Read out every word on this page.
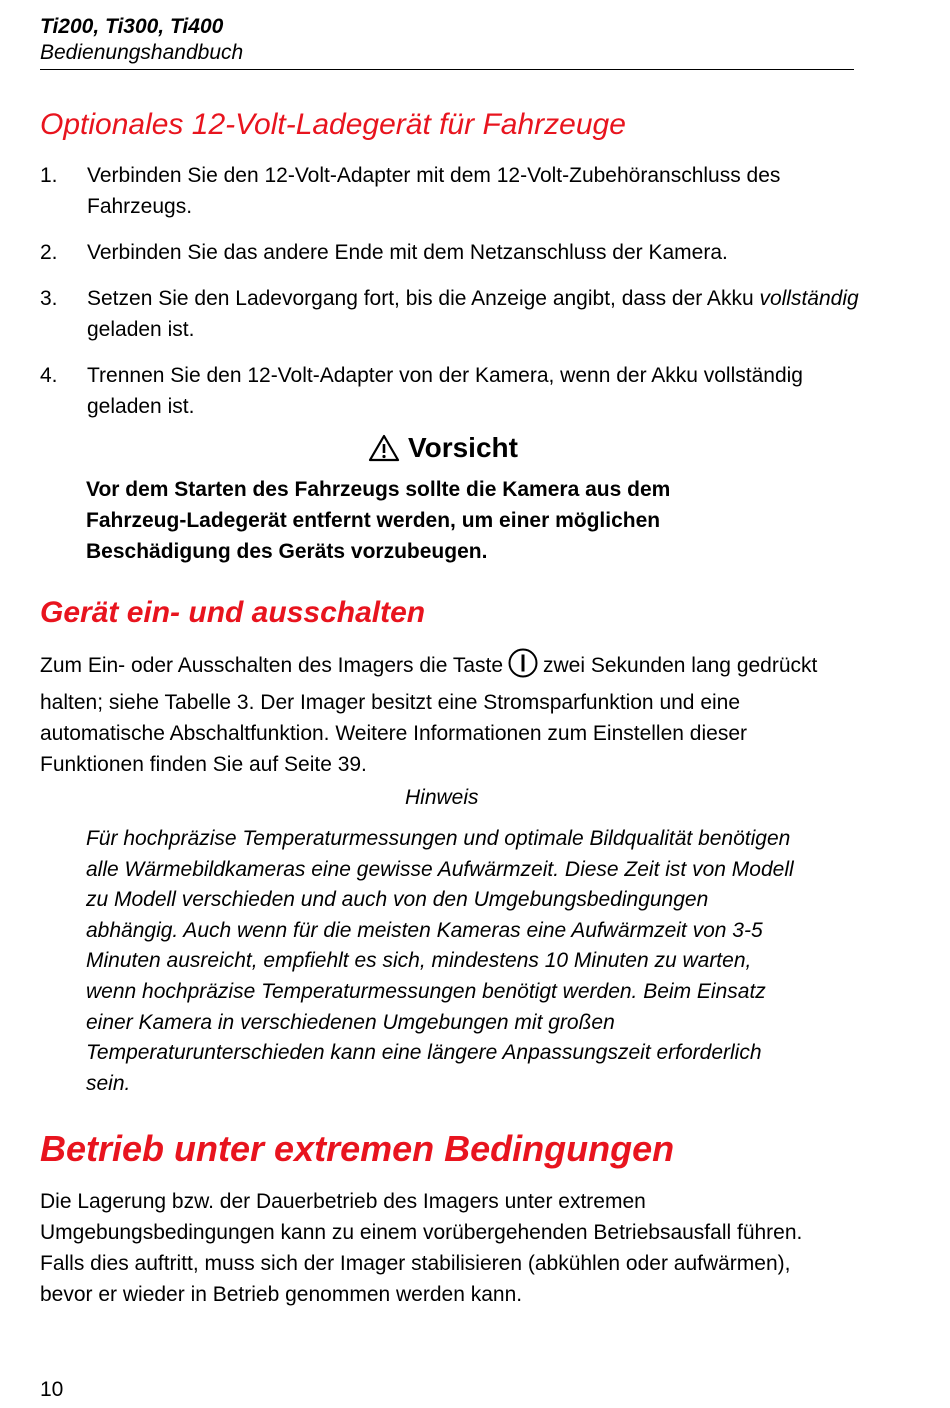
Ti200, Ti300, Ti400
Bedienungshandbuch
Optionales 12-Volt-Ladegerät für Fahrzeuge
1. Verbinden Sie den 12-Volt-Adapter mit dem 12-Volt-Zubehöranschluss des Fahrzeugs.
2. Verbinden Sie das andere Ende mit dem Netzanschluss der Kamera.
3. Setzen Sie den Ladevorgang fort, bis die Anzeige angibt, dass der Akku vollständig geladen ist.
4. Trennen Sie den 12-Volt-Adapter von der Kamera, wenn der Akku vollständig geladen ist.
Vorsicht
Vor dem Starten des Fahrzeugs sollte die Kamera aus dem Fahrzeug-Ladegerät entfernt werden, um einer möglichen Beschädigung des Geräts vorzubeugen.
Gerät ein- und ausschalten
Zum Ein- oder Ausschalten des Imagers die Taste zwei Sekunden lang gedrückt halten; siehe Tabelle 3. Der Imager besitzt eine Stromsparfunktion und eine automatische Abschaltfunktion. Weitere Informationen zum Einstellen dieser Funktionen finden Sie auf Seite 39.
Hinweis
Für hochpräzise Temperaturmessungen und optimale Bildqualität benötigen alle Wärmebildkameras eine gewisse Aufwärmzeit. Diese Zeit ist von Modell zu Modell verschieden und auch von den Umgebungsbedingungen abhängig. Auch wenn für die meisten Kameras eine Aufwärmzeit von 3-5 Minuten ausreicht, empfiehlt es sich, mindestens 10 Minuten zu warten, wenn hochpräzise Temperaturmessungen benötigt werden. Beim Einsatz einer Kamera in verschiedenen Umgebungen mit großen Temperaturunterschieden kann eine längere Anpassungszeit erforderlich sein.
Betrieb unter extremen Bedingungen
Die Lagerung bzw. der Dauerbetrieb des Imagers unter extremen Umgebungsbedingungen kann zu einem vorübergehenden Betriebsausfall führen. Falls dies auftritt, muss sich der Imager stabilisieren (abkühlen oder aufwärmen), bevor er wieder in Betrieb genommen werden kann.
10
